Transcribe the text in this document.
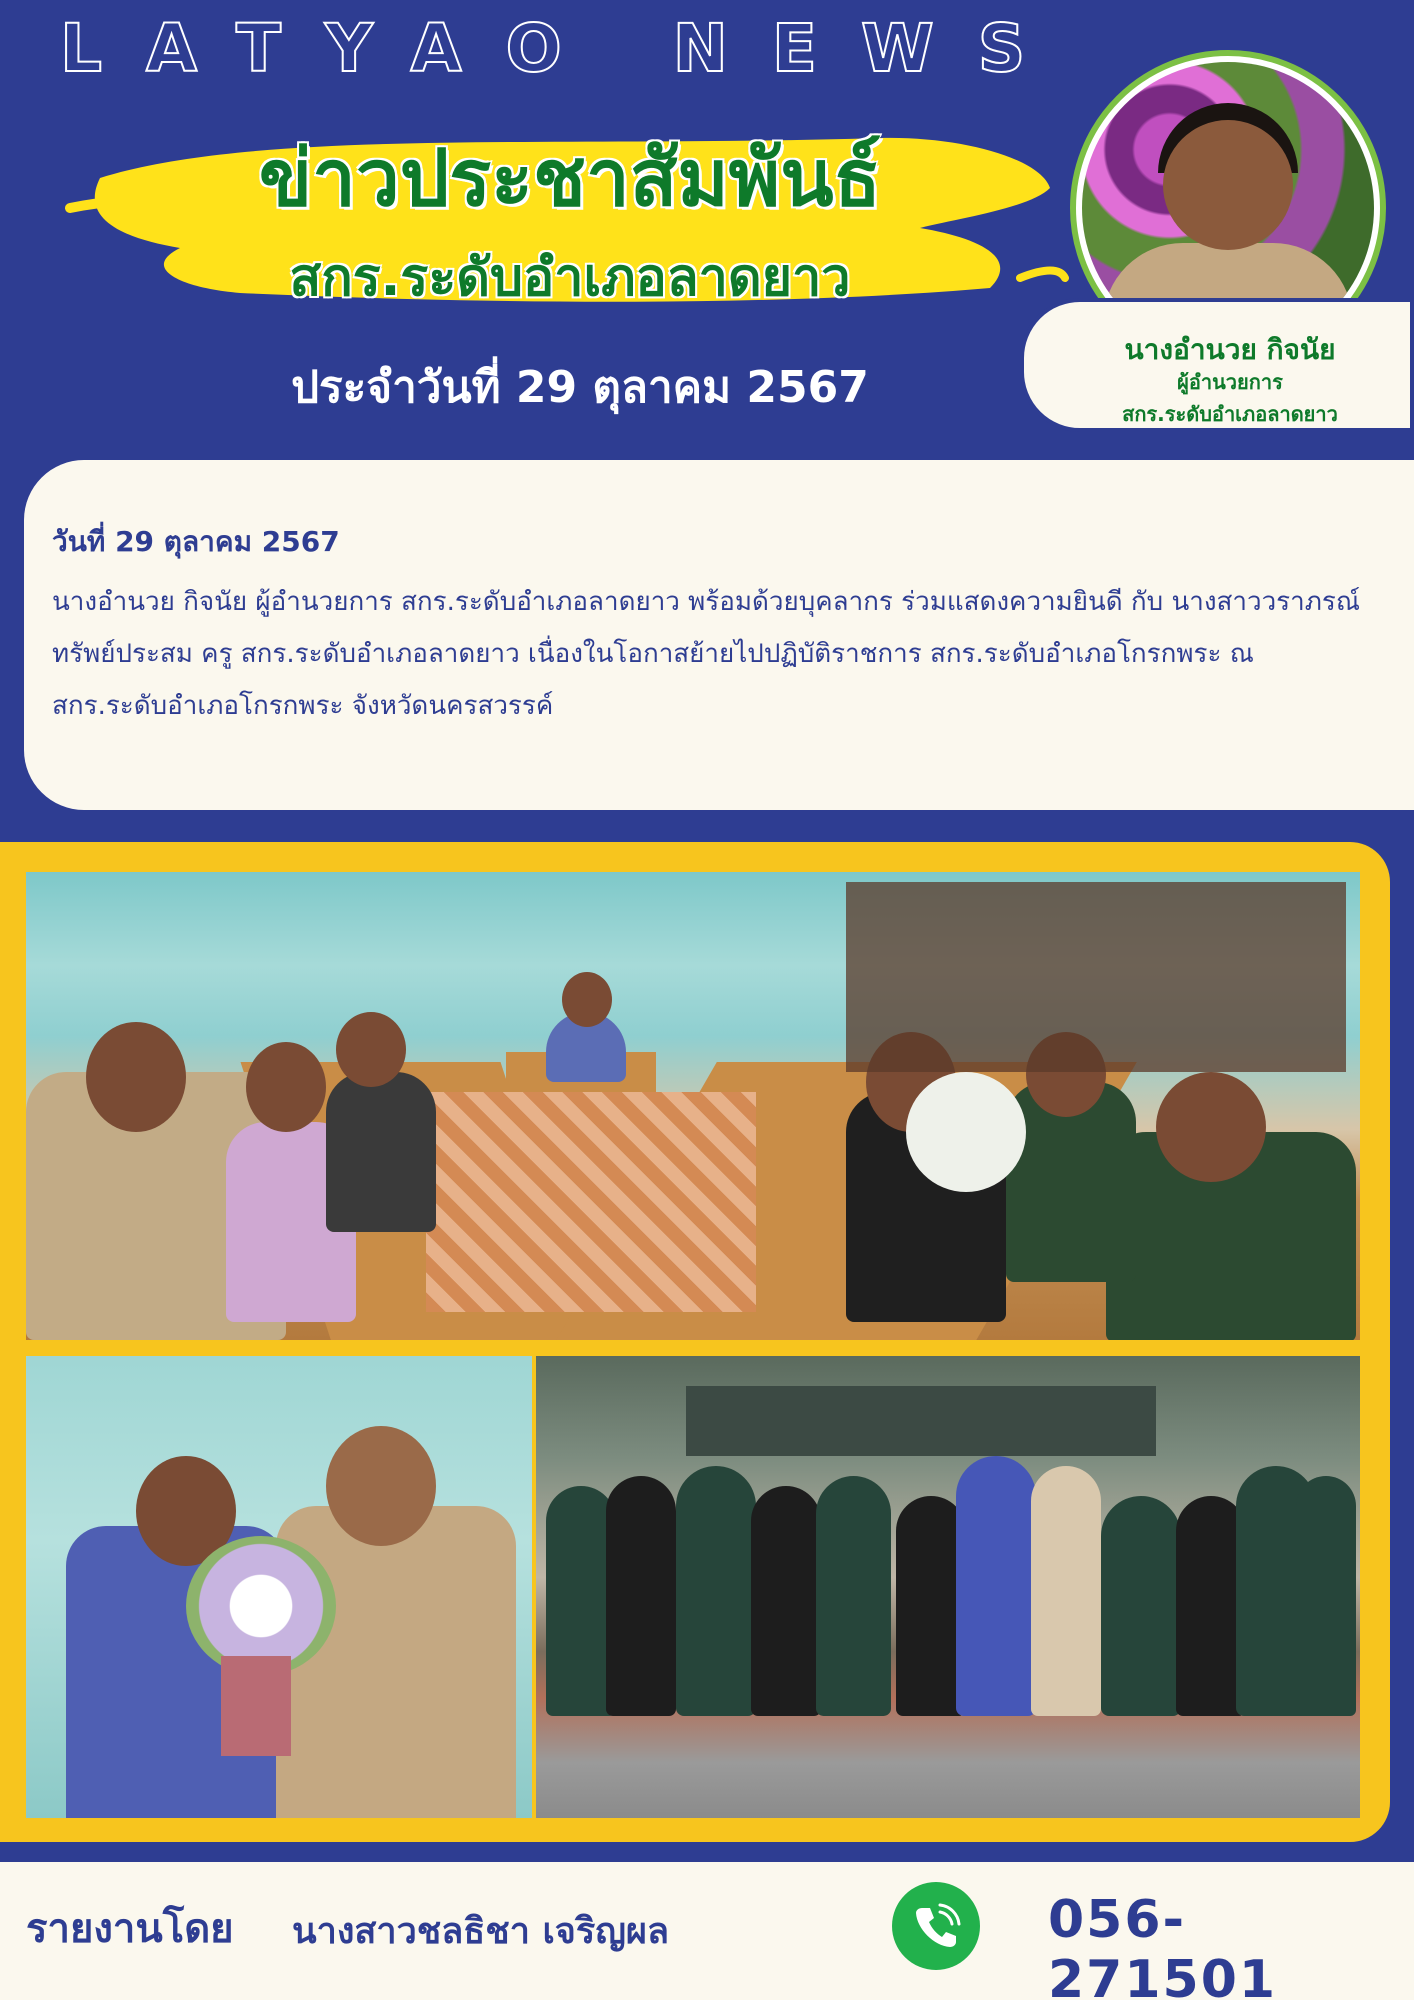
LATYAO NEWS
ข่าวประชาสัมพันธ์
สกร.ระดับอำเภอลาดยาว
ประจำวันที่ 29 ตุลาคม 2567
นางอำนวย กิจนัย
ผู้อำนวยการ
สกร.ระดับอำเภอลาดยาว
วันที่ 29 ตุลาคม 2567
นางอำนวย กิจนัย ผู้อำนวยการ สกร.ระดับอำเภอลาดยาว พร้อมด้วยบุคลากร ร่วมแสดงความยินดี กับ นางสาววราภรณ์ ทรัพย์ประสม ครู สกร.ระดับอำเภอลาดยาว เนื่องในโอกาสย้ายไปปฏิบัติราชการ สกร.ระดับอำเภอโกรกพระ ณ สกร.ระดับอำเภอโกรกพระ จังหวัดนครสวรรค์
รายงานโดย นางสาวชลธิชา เจริญผล	056-271501
